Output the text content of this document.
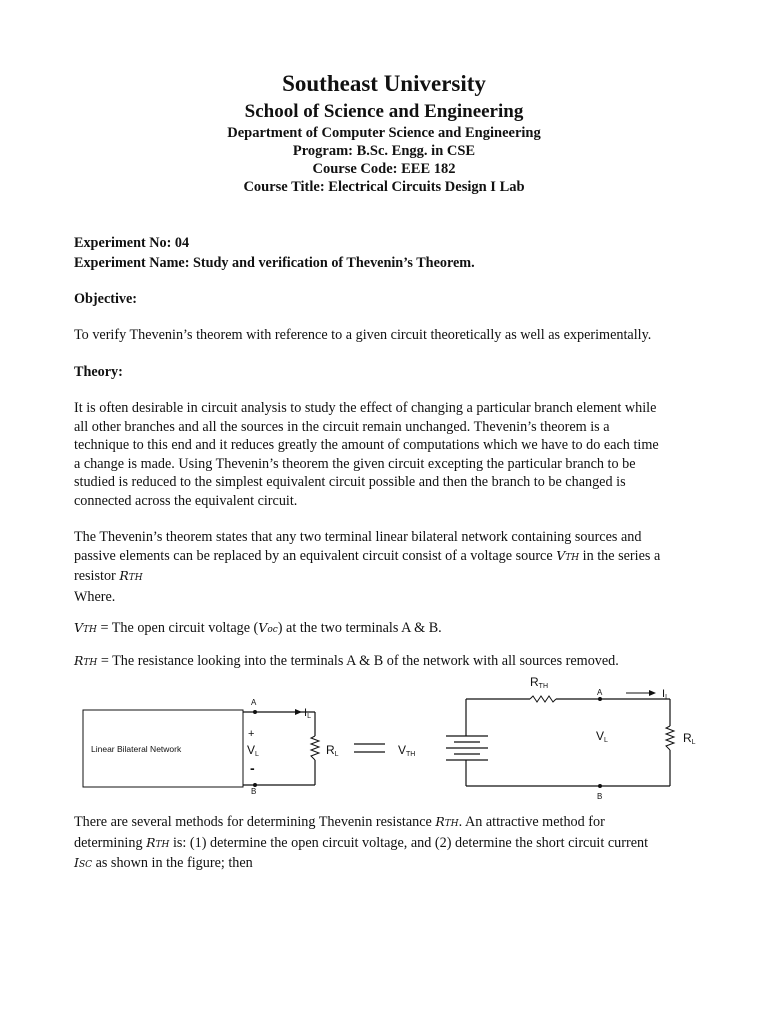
Southeast University
School of Science and Engineering
Department of Computer Science and Engineering
Program: B.Sc. Engg. in CSE
Course Code: EEE 182
Course Title: Electrical Circuits Design I Lab
Experiment No: 04
Experiment Name: Study and verification of Thevenin’s Theorem.
Objective:
To verify Thevenin’s theorem with reference to a given circuit theoretically as well as experimentally.
Theory:
It is often desirable in circuit analysis to study the effect of changing a particular branch element while
all other branches and all the sources in the circuit remain unchanged. Thevenin’s theorem is a
technique to this end and it reduces greatly the amount of computations which we have to do each time
a change is made. Using Thevenin’s theorem the given circuit excepting the particular branch to be
studied is reduced to the simplest equivalent circuit possible and then the branch to be changed is
connected across the equivalent circuit.
The Thevenin’s theorem states that any two terminal linear bilateral network containing sources and
passive elements can be replaced by an equivalent circuit consist of a voltage source VTH in the series a
resistor RTH
Where.
VTH = The open circuit voltage (Voc) at the two terminals A & B.
RTH = The resistance looking into the terminals A & B of the network with all sources removed.
Linear Bilateral Network
A
B
IL
+
VL
-
RL	VTH
RL
RTH
A
B
IL
VL
There are several methods for determining Thevenin resistance RTH. An attractive method for
determining RTH is: (1) determine the open circuit voltage, and (2) determine the short circuit current
ISC as shown in the figure; then
